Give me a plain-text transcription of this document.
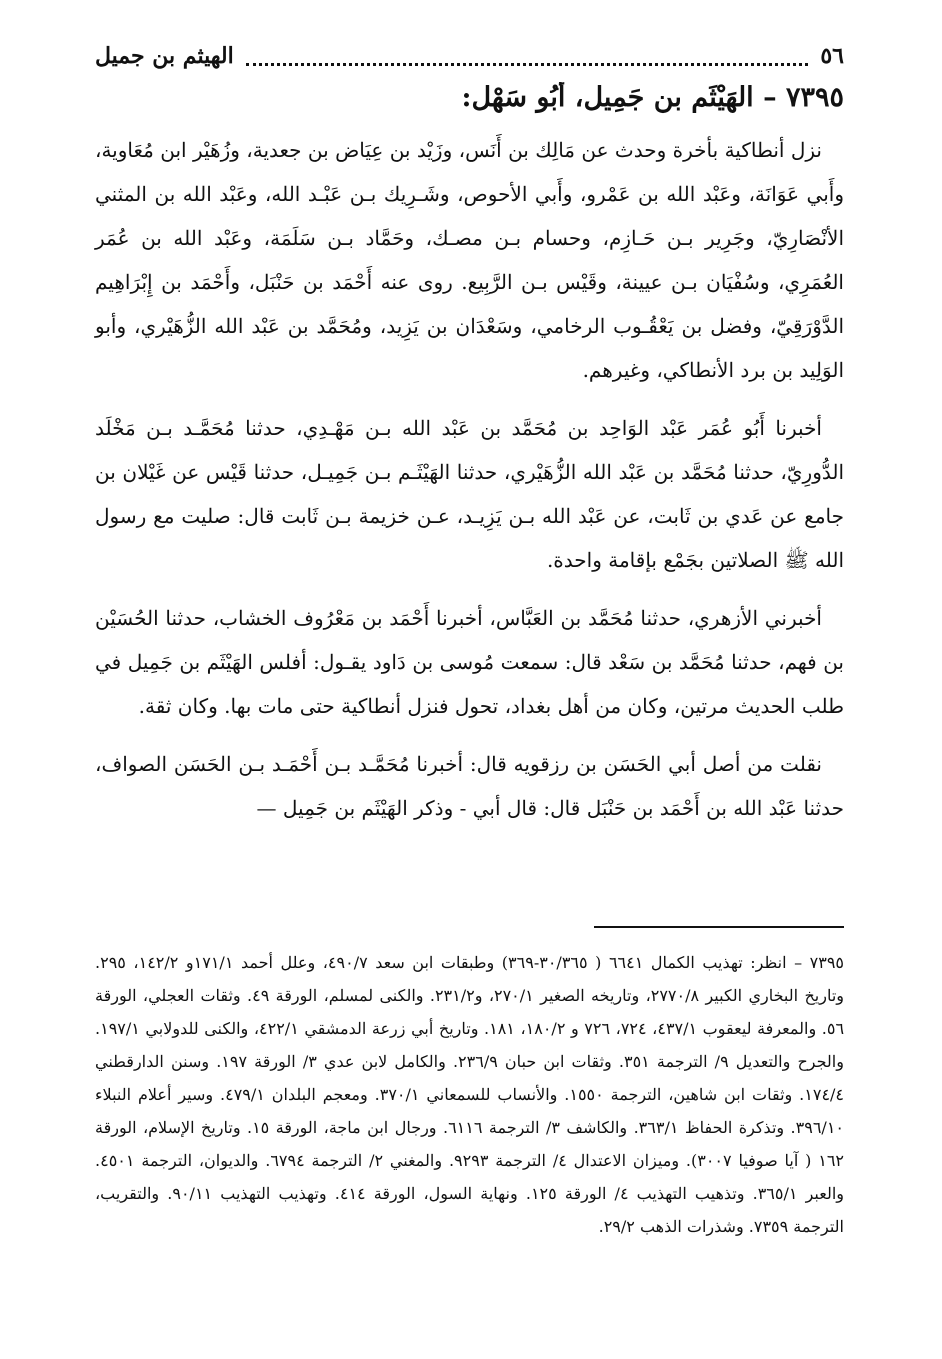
٥٦
الهيثم بن جميل
٧٣٩٥ – الهَيْثَم بن جَمِيل، أَبُو سَهْل:

نزل أنطاكية بأخرة وحدث عن مَالِك بن أَنَس، وزَيْد بن عِيَاض بن جعدية، وزُهَيْر ابن مُعَاوية، وأَبي عَوَانَة، وعَبْد الله بن عَمْرو، وأَبي الأحوص، وشَـرِيك بـن عَبْـد الله، وعَبْد الله بن المثني الأنْصَارِيّ، وجَرِير بـن حَـازِم، وحسام بـن مصـك، وحَمَّاد بـن سَلَمَة، وعَبْد الله بن عُمَر العُمَرِي، وسُفْيَان بـن عيينة، وقَيْس بـن الرَّبِيع. روى عنه أَحْمَد بن حَنْبَل، وأَحْمَد بن إِبْرَاهِيم الدَّوْرَقِيّ، وفضل بن يَعْقُـوب الرخامي، وسَعْدَان بن يَزِيد، ومُحَمَّد بن عَبْد الله الزُّهَيْري، وأبو الوَلِيد بن برد الأنطاكي، وغيرهم.

أخبرنا أَبُو عُمَر عَبْد الوَاحِد بن مُحَمَّد بن عَبْد الله بـن مَهْـدِي، حدثنا مُحَمَّـد بـن مَخْلَد الدُّورِيّ، حدثنا مُحَمَّد بن عَبْد الله الزُّهَيْري، حدثنا الهَيْثَـم بـن جَمِيـل، حدثنا قَيْس عن غَيْلان بن جامع عن عَدي بن ثَابت، عن عَبْد الله بـن يَزِيـد، عـن خزيمة بـن ثَابت قال: صليت مع رسول الله ﷺ الصلاتين بجَمْع بإقامة واحدة.

أخبرني الأزهري، حدثنا مُحَمَّد بن العَبَّاس، أخبرنا أَحْمَد بن مَعْرُوف الخشاب، حدثنا الحُسَيْن بن فهم، حدثنا مُحَمَّد بن سَعْد قال: سمعت مُوسى بن دَاود يقـول: أفلس الهَيْثَم بن جَمِيل في طلب الحديث مرتين، وكان من أهل بغداد، تحول فنزل أنطاكية حتى مات بها. وكان ثقة.

نقلت من أصل أبي الحَسَن بن رزقويه قال: أخبرنا مُحَمَّـد بـن أَحْمَـد بـن الحَسَن الصواف، حدثنا عَبْد الله بن أَحْمَد بن حَنْبَل قال: قال أبي - وذكر الهَيْثَم بن جَمِيل —

٧٣٩٥ – انظر: تهذيب الكمال ٦٦٤١ ( ٣٠/٣٦٥-٣٦٩) وطبقات ابن سعد ٤٩٠/٧، وعلل أحمد ١٧١/١و ١٤٢/٢، ٢٩٥. وتاريخ البخاري الكبير ٢٧٧٠/٨، وتاريخه الصغير ٢٧٠/١، و٢٣١/٢. والكنى لمسلم، الورقة ٤٩. وثقات العجلي، الورقة ٥٦. والمعرفة ليعقوب ٤٣٧/١، ٧٢٤، ٧٢٦ و ١٨٠/٢، ١٨١. وتاريخ أبي زرعة الدمشقي ٤٢٢/١، والكنى للدولابي ١٩٧/١. والجرح والتعديل ٩/ الترجمة ٣٥١. وثقات ابن حبان ٢٣٦/٩. والكامل لابن عدي ٣/ الورقة ١٩٧. وسنن الدارقطني ١٧٤/٤. وثقات ابن شاهين، الترجمة ١٥٥٠. والأنساب للسمعاني ٣٧٠/١. ومعجم البلدان ٤٧٩/١. وسير أعلام النبلاء ٣٩٦/١٠. وتذكرة الحفاظ ٣٦٣/١. والكاشف ٣/ الترجمة ٦١١٦. ورجال ابن ماجة، الورقة ١٥. وتاريخ الإسلام، الورقة ١٦٢ ( آيا صوفيا ٣٠٠٧). وميزان الاعتدال ٤/ الترجمة ٩٢٩٣. والمغني ٢/ الترجمة ٦٧٩٤. والديوان، الترجمة ٤٥٠١. والعبر ٣٦٥/١. وتذهيب التهذيب ٤/ الورقة ١٢٥. ونهاية السول، الورقة ٤١٤. وتهذيب التهذيب ٩٠/١١. والتقريب، الترجمة ٧٣٥٩. وشذرات الذهب ٢٩/٢.
